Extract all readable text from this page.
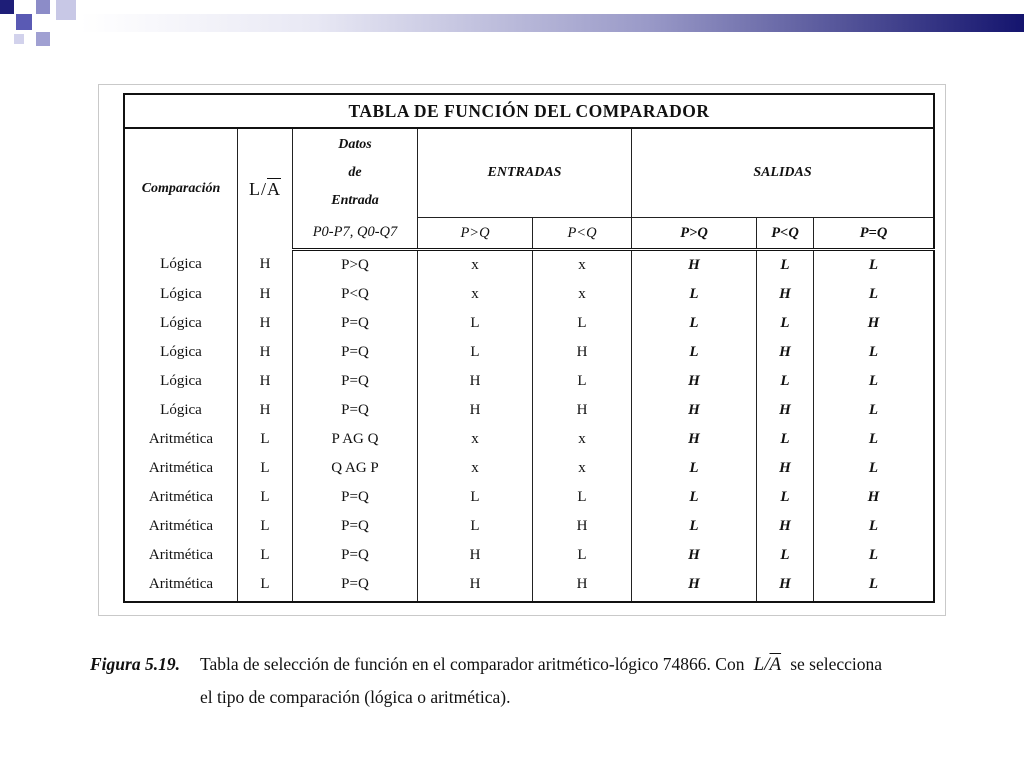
TABLA DE FUNCIÓN DEL COMPARADOR							
Comparación	$L/\overline{A}$	Datos
de
Entrada	ENTRADAS		SALIDAS		
		P0-P7, Q0-Q7	P>Q	P<Q	P>Q	P<Q	P=Q
Lógica	H	P>Q	x	x	H	L	L
Lógica	H	P<Q	x	x	L	H	L
Lógica	H	P=Q	L	L	L	L	H
Lógica	H	P=Q	L	H	L	H	L
Lógica	H	P=Q	H	L	H	L	L
Lógica	H	P=Q	H	H	H	H	L
Aritmética	L	P AG Q	x	x	H	L	L
Aritmética	L	Q AG P	x	x	L	H	L
Aritmética	L	P=Q	L	L	L	L	H
Aritmética	L	P=Q	L	H	L	H	L
Aritmética	L	P=Q	H	L	H	L	L
Aritmética	L	P=Q	H	H	H	H	L
Figura 5.19. Tabla de selección de función en el comparador aritmético-lógico 74866. Con $L/\overline{A}$ se selecciona
el tipo de comparación (lógica o aritmética).
